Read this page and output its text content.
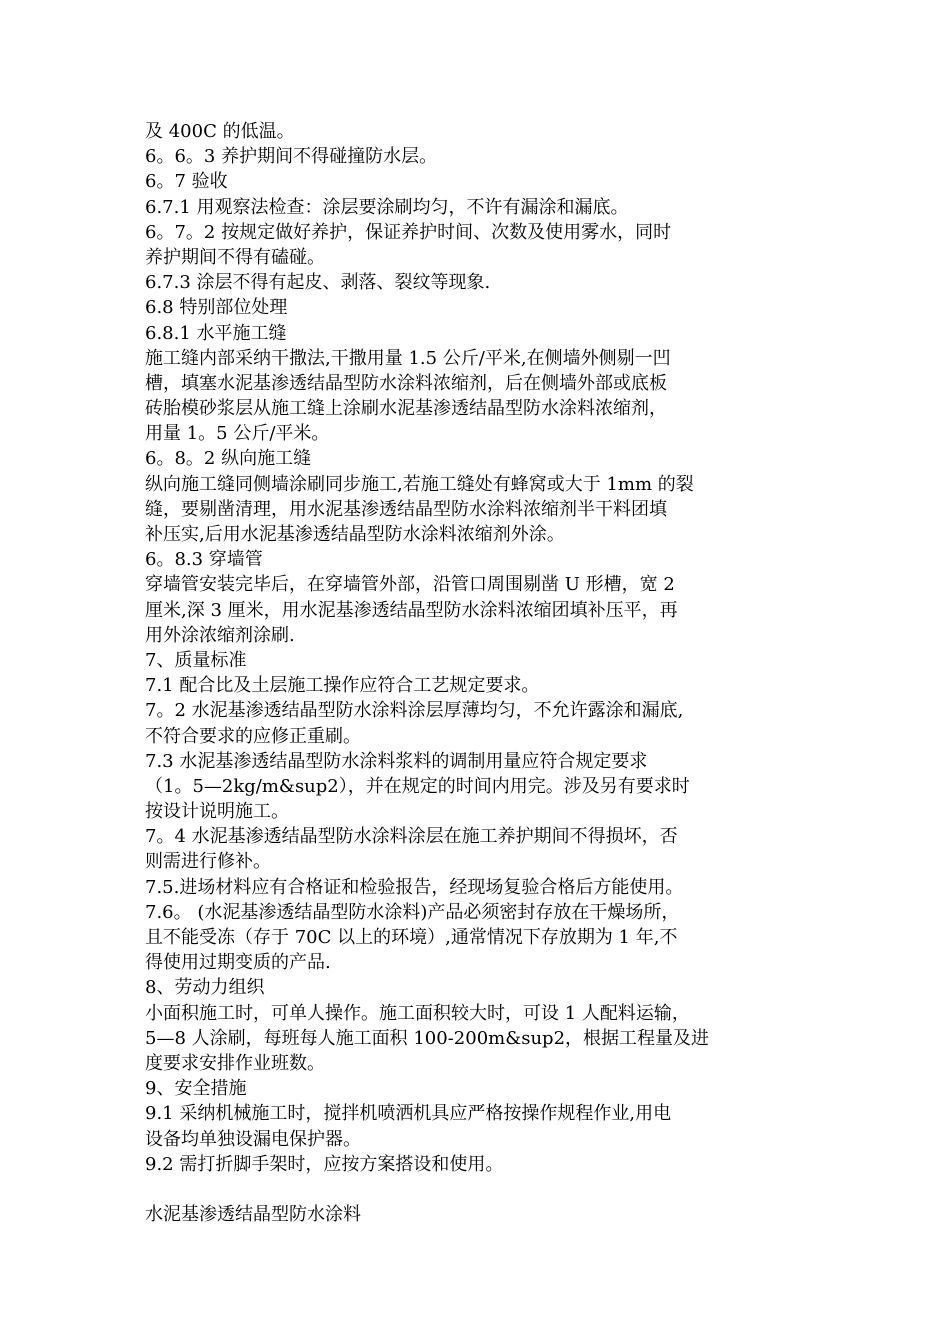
及 400C 的低温。
6。6。3 养护期间不得碰撞防水层。
6。7 验收
6.7.1 用观察法检查：涂层要涂刷均匀，不许有漏涂和漏底。
6。7。2 按规定做好养护，保证养护时间、次数及使用雾水，同时
养护期间不得有磕碰。
6.7.3 涂层不得有起皮、剥落、裂纹等现象.
6.8 特别部位处理
6.8.1 水平施工缝
施工缝内部采纳干撒法,干撒用量 1.5 公斤/平米,在侧墙外侧剔一凹
槽，填塞水泥基渗透结晶型防水涂料浓缩剂，后在侧墙外部或底板
砖胎模砂浆层从施工缝上涂刷水泥基渗透结晶型防水涂料浓缩剂，
用量 1。5 公斤/平米。
6。8。2 纵向施工缝
纵向施工缝同侧墙涂刷同步施工,若施工缝处有蜂窝或大于 1mm 的裂
缝，要剔凿清理，用水泥基渗透结晶型防水涂料浓缩剂半干料团填
补压实,后用水泥基渗透结晶型防水涂料浓缩剂外涂。
6。8.3 穿墙管
穿墙管安装完毕后，在穿墙管外部，沿管口周围剔凿 U 形槽，宽 2
厘米,深 3 厘米，用水泥基渗透结晶型防水涂料浓缩团填补压平，再
用外涂浓缩剂涂刷.
7、质量标准
7.1 配合比及土层施工操作应符合工艺规定要求。
7。2 水泥基渗透结晶型防水涂料涂层厚薄均匀，不允许露涂和漏底,
不符合要求的应修正重刷。
7.3 水泥基渗透结晶型防水涂料浆料的调制用量应符合规定要求
（1。5—2kg/m&sup2），并在规定的时间内用完。涉及另有要求时
按设计说明施工。
7。4 水泥基渗透结晶型防水涂料涂层在施工养护期间不得损坏，否
则需进行修补。
7.5.进场材料应有合格证和检验报告，经现场复验合格后方能使用。
7.6。 (水泥基渗透结晶型防水涂料)产品必须密封存放在干燥场所，
且不能受冻（存于 70C 以上的环境）,通常情况下存放期为 1 年,不
得使用过期变质的产品.
8、劳动力组织
小面积施工时，可单人操作。施工面积较大时，可设 1 人配料运输，
5—8 人涂刷，每班每人施工面积 100-200m&sup2，根据工程量及进
度要求安排作业班数。
9、安全措施
9.1 采纳机械施工时，搅拌机喷洒机具应严格按操作规程作业,用电
设备均单独设漏电保护器。
9.2 需打折脚手架时，应按方案搭设和使用。
水泥基渗透结晶型防水涂料
